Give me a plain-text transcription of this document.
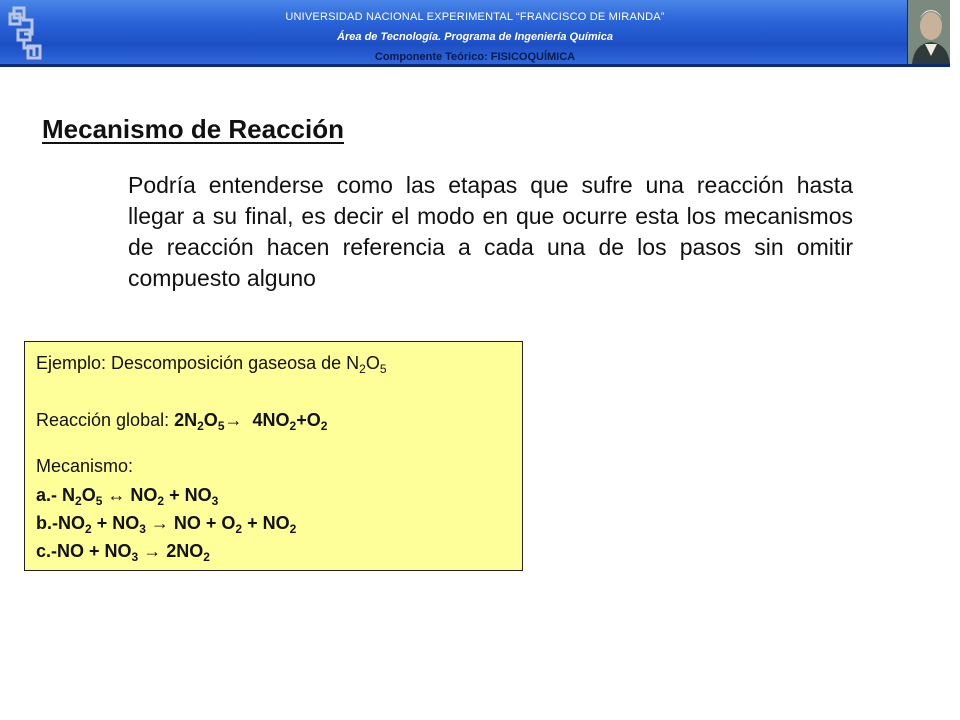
UNIVERSIDAD NACIONAL EXPERIMENTAL “FRANCISCO DE MIRANDA”
Área de Tecnología. Programa de Ingeniería Química
Componente Teórico: FISICOQUÍMICA
Mecanismo de Reacción

Podría entenderse como las etapas que sufre una reacción hasta llegar a su final, es decir el modo en que ocurre esta los mecanismos de reacción hacen referencia a cada una de los pasos sin omitir compuesto alguno

Ejemplo: Descomposición gaseosa de $N_2O_5$
Reacción global: $2N_2O_5\to 4NO_2+O_2$
Mecanismo:
a.- $N_2O_5$ ↔ $NO_2 + NO_3$
$b.-NO_2 + NO_3$ → NO + $O_2 + NO_2$
$c.-NO + NO_3 \to 2NO_2$
